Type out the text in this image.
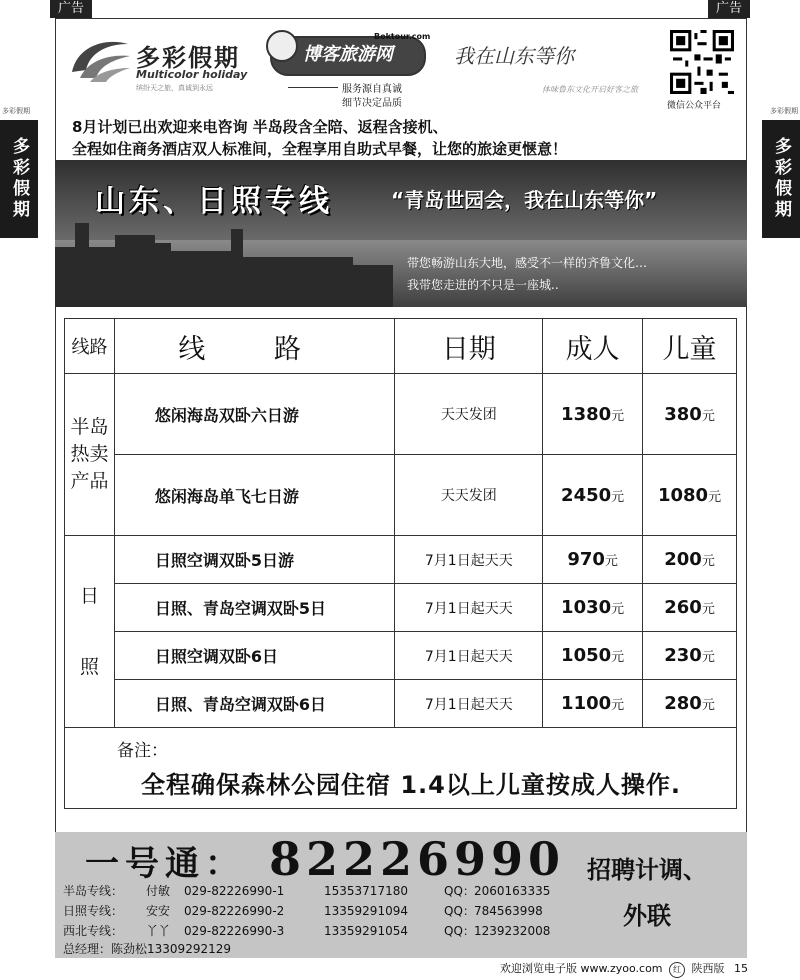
广告	广告
多彩假期	多彩假期
多彩假期	多彩假期
多彩假期
Multicolor holiday
缤纷天之旅，真诚到永远
博客旅游网
Boktour.com
服务源自真诚
细节决定品质
我在山东等你
体味鲁东文化开启好客之旅
微信公众平台
8月计划已出欢迎来电咨询 半岛段含全陪、返程含接机、
全程如住商务酒店双人标准间，全程享用自助式早餐，让您的旅途更惬意！
山东、日照专线	“青岛世园会，我在山东等你”
带您畅游山东大地，感受不一样的齐鲁文化…
我带您走进的不只是一座城..
线路	线 路	日期	成人	儿童

半岛
热卖
产品	悠闲海岛双卧六日游	天天发团	1380元	380元
	悠闲海岛单飞七日游	天天发团	2450元	1080元

日
照	日照空调双卧5日游	7月1日起天天	970元	200元
	日照、青岛空调双卧5日	7月1日起天天	1030元	260元
	日照空调双卧6日	7月1日起天天	1050元	230元
	日照、青岛空调双卧6日	7月1日起天天	1100元	280元

备注：
全程确保森林公园住宿 1.4以上儿童按成人操作.				
一号通： 82226990
半岛专线： 付敏 029-82226990-1	15353717180	QQ：2060163335
日照专线： 安安 029-82226990-2	13359291094	QQ：784563998
西北专线： 丫丫 029-82226990-3	13359291054	QQ：1239232008
总经理：陈劲松13309292129
招聘计调、
外联
欢迎浏览电子版 www.zyoo.com 红 陕西版 15
